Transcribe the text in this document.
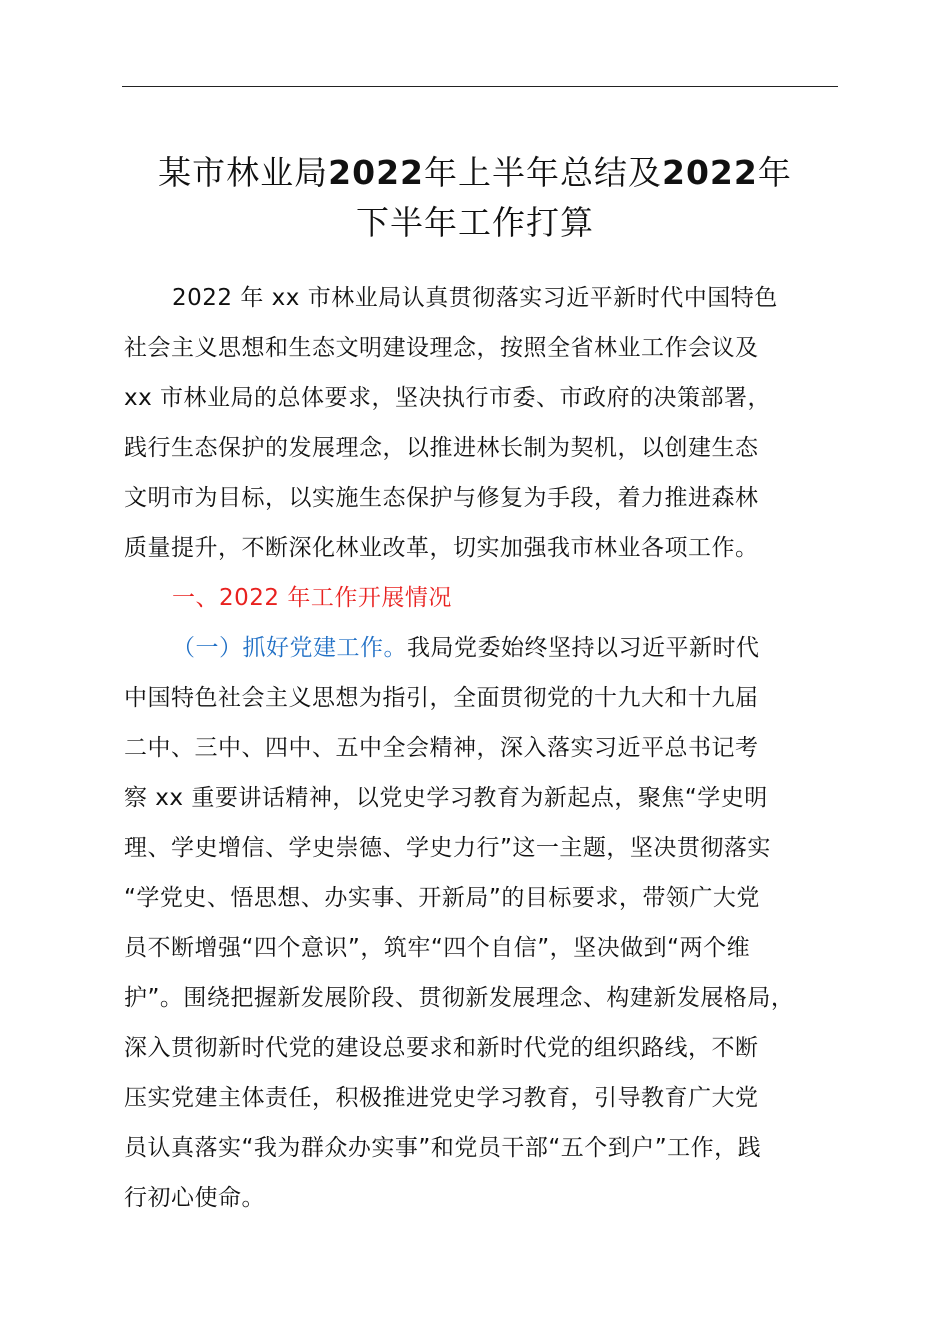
某市林业局2022年上半年总结及2022年
下半年工作打算
2022 年 xx 市林业局认真贯彻落实习近平新时代中国特色
社会主义思想和生态文明建设理念，按照全省林业工作会议及
xx 市林业局的总体要求，坚决执行市委、市政府的决策部署，
践行生态保护的发展理念，以推进林长制为契机，以创建生态
文明市为目标，以实施生态保护与修复为手段，着力推进森林
质量提升，不断深化林业改革，切实加强我市林业各项工作。
一、2022 年工作开展情况
（一）抓好党建工作。我局党委始终坚持以习近平新时代
中国特色社会主义思想为指引，全面贯彻党的十九大和十九届
二中、三中、四中、五中全会精神，深入落实习近平总书记考
察 xx 重要讲话精神，以党史学习教育为新起点，聚焦“学史明
理、学史增信、学史崇德、学史力行”这一主题，坚决贯彻落实
“学党史、悟思想、办实事、开新局”的目标要求，带领广大党
员不断增强“四个意识”，筑牢“四个自信”，坚决做到“两个维
护”。围绕把握新发展阶段、贯彻新发展理念、构建新发展格局，
深入贯彻新时代党的建设总要求和新时代党的组织路线，不断
压实党建主体责任，积极推进党史学习教育，引导教育广大党
员认真落实“我为群众办实事”和党员干部“五个到户”工作，践
行初心使命。
